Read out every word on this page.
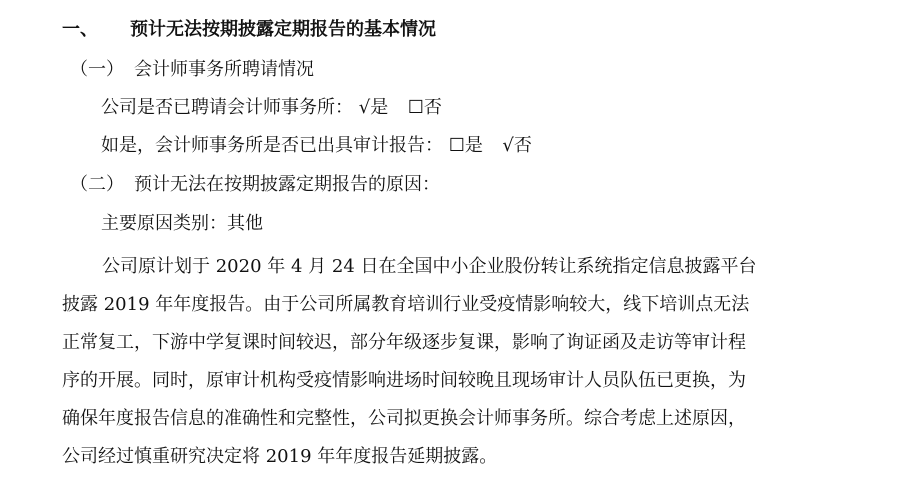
一、 预计无法按期披露定期报告的基本情况
（一） 会计师事务所聘请情况
公司是否已聘请会计师事务所： √是 ☐否
如是，会计师事务所是否已出具审计报告： ☐是 √否
（二） 预计无法在按期披露定期报告的原因：
主要原因类别：其他
公司原计划于 2020 年 4 月 24 日在全国中小企业股份转让系统指定信息披露平台
披露 2019 年年度报告。由于公司所属教育培训行业受疫情影响较大，线下培训点无法
正常复工，下游中学复课时间较迟，部分年级逐步复课，影响了询证函及走访等审计程
序的开展。同时，原审计机构受疫情影响进场时间较晚且现场审计人员队伍已更换，为
确保年度报告信息的准确性和完整性，公司拟更换会计师事务所。综合考虑上述原因，
公司经过慎重研究决定将 2019 年年度报告延期披露。
